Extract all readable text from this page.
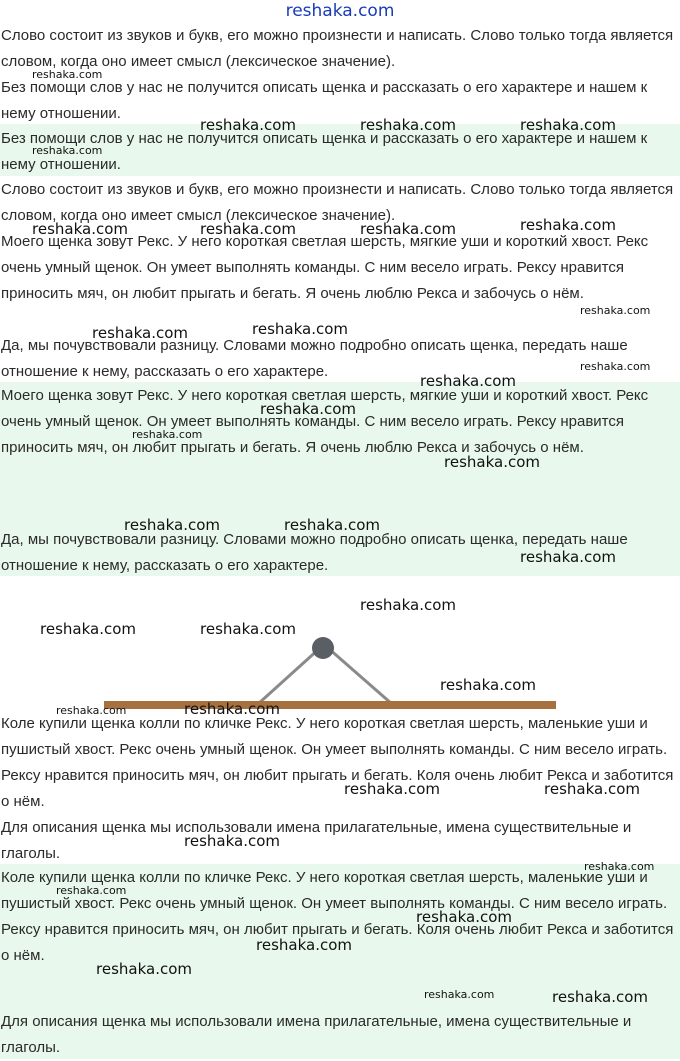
reshaka.com
Слово состоит из звуков и букв, его можно произнести и написать. Слово только тогда является словом, когда оно имеет смысл (лексическое значение).
Без помощи слов у нас не получится описать щенка и рассказать о его характере и нашем к нему отношении.
Без помощи слов у нас не получится описать щенка и рассказать о его характере и нашем к нему отношении.
Слово состоит из звуков и букв, его можно произнести и написать. Слово только тогда является словом, когда оно имеет смысл (лексическое значение).
Моего щенка зовут Рекс. У него короткая светлая шерсть, мягкие уши и короткий хвост. Рекс очень умный щенок. Он умеет выполнять команды. С ним весело играть. Рексу нравится приносить мяч, он любит прыгать и бегать. Я очень люблю Рекса и забочусь о нём.
Да, мы почувствовали разницу. Словами можно подробно описать щенка, передать наше отношение к нему, рассказать о его характере.
Моего щенка зовут Рекс. У него короткая светлая шерсть, мягкие уши и короткий хвост. Рекс очень умный щенок. Он умеет выполнять команды. С ним весело играть. Рексу нравится приносить мяч, он любит прыгать и бегать. Я очень люблю Рекса и забочусь о нём.
Да, мы почувствовали разницу. Словами можно подробно описать щенка, передать наше отношение к нему, рассказать о его характере.
Коле купили щенка колли по кличке Рекс. У него короткая светлая шерсть, маленькие уши и пушистый хвост. Рекс очень умный щенок. Он умеет выполнять команды. С ним весело играть. Рексу нравится приносить мяч, он любит прыгать и бегать. Коля очень любит Рекса и заботится о нём.
Для описания щенка мы использовали имена прилагательные, имена существительные и глаголы.
Коле купили щенка колли по кличке Рекс. У него короткая светлая шерсть, маленькие уши и пушистый хвост. Рекс очень умный щенок. Он умеет выполнять команды. С ним весело играть. Рексу нравится приносить мяч, он любит прыгать и бегать. Коля очень любит Рекса и заботится о нём.
Для описания щенка мы использовали имена прилагательные, имена существительные и глаголы.
reshaka.com
reshaka.com	reshaka.com	reshaka.com
reshaka.com
reshaka.com	reshaka.com	reshaka.com	reshaka.com
reshaka.com
reshaka.com
reshaka.com
reshaka.com
reshaka.com
reshaka.com
reshaka.com
reshaka.com
reshaka.com	reshaka.com
reshaka.com
reshaka.com
reshaka.com	reshaka.com
reshaka.com
reshaka.com	reshaka.com
reshaka.com	reshaka.com
reshaka.com
reshaka.com
reshaka.com
reshaka.com
reshaka.com
reshaka.com
reshaka.com	reshaka.com
